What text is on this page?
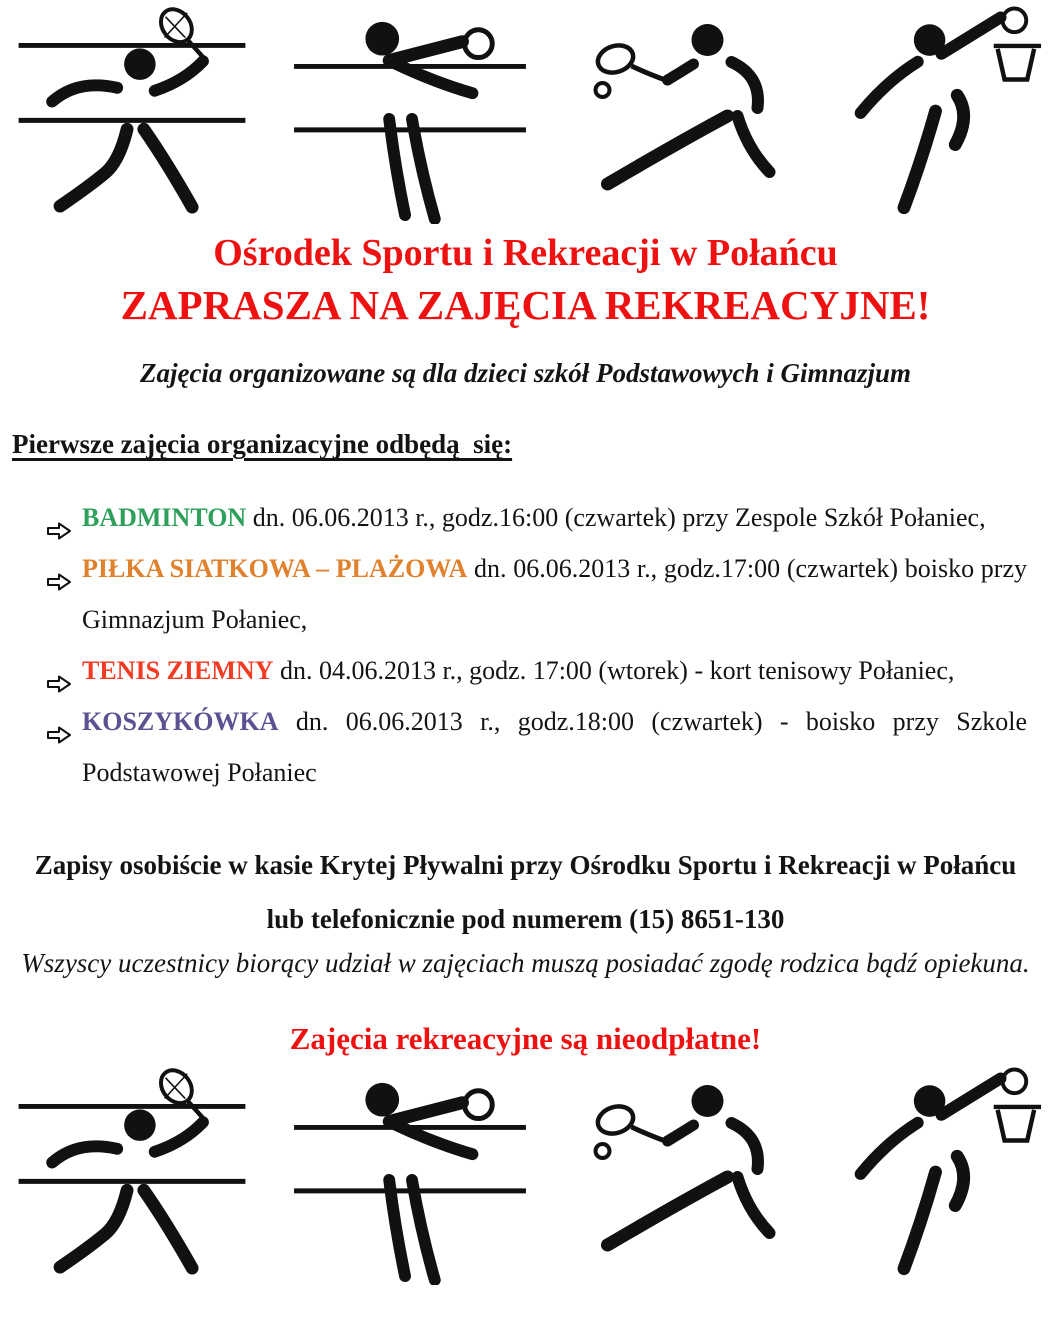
Ośrodek Sportu i Rekreacji w Połańcu
ZAPRASZA NA ZAJĘCIA REKREACYJNE!
Zajęcia organizowane są dla dzieci szkół Podstawowych i Gimnazjum
Pierwsze zajęcia organizacyjne odbędą  się:
BADMINTON dn. 06.06.2013 r., godz.16:00 (czwartek) przy Zespole Szkół Połaniec,
PIŁKA SIATKOWA – PLAŻOWA dn. 06.06.2013 r., godz.17:00 (czwartek) boisko przy Gimnazjum Połaniec,
TENIS ZIEMNY dn. 04.06.2013 r., godz. 17:00 (wtorek) - kort tenisowy Połaniec,
KOSZYKÓWKA dn. 06.06.2013 r., godz.18:00 (czwartek) - boisko przy Szkole Podstawowej Połaniec
Zapisy osobiście w kasie Krytej Pływalni przy Ośrodku Sportu i Rekreacji w Połańcu
lub telefonicznie pod numerem (15) 8651-130
Wszyscy uczestnicy biorący udział w zajęciach muszą posiadać zgodę rodzica bądź opiekuna.
Zajęcia rekreacyjne są nieodpłatne!
